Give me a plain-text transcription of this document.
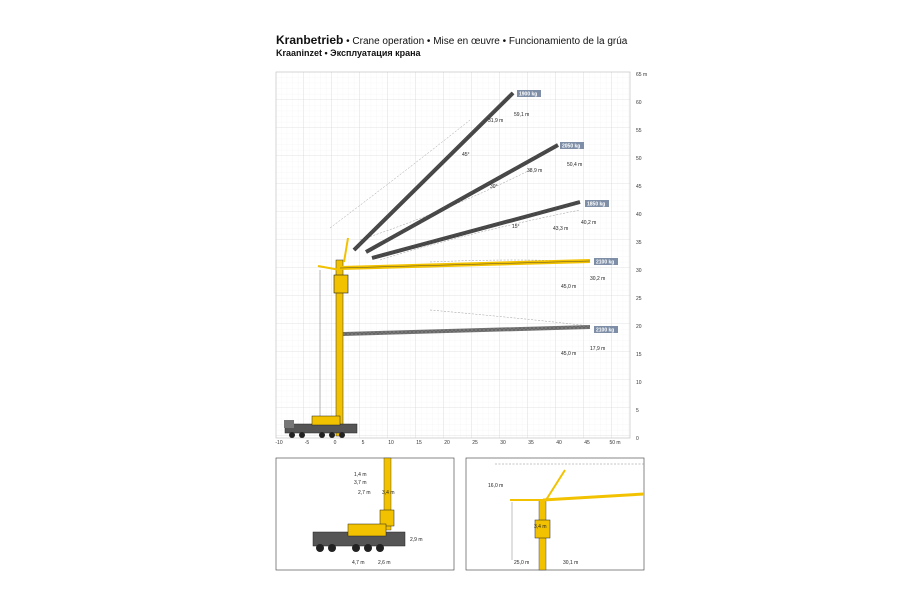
Kranbetrieb • Crane operation • Mise en œuvre • Funcionamiento de la grúa
Kraaninzet • Эксплуатация крана
-10	-5	0	5	10	15	20	25	30	35	40	45	50 m
0
5
10
15
20
25
30
35
40
45
50
55
60
65 m
1900 kg
31,9 m
59,1 m
45°
2050 kg
38,9 m
50,4 m
30°
1850 kg
43,3 m
40,2 m
15°
2100 kg
45,0 m
30,2 m
2100 kg
45,0 m
17,9 m
1,4 m
3,7 m
2,7 m 3,4 m
2,9 m
4,7 m	2,6 m
16,0 m
3,4 m
25,0 m	30,1 m
